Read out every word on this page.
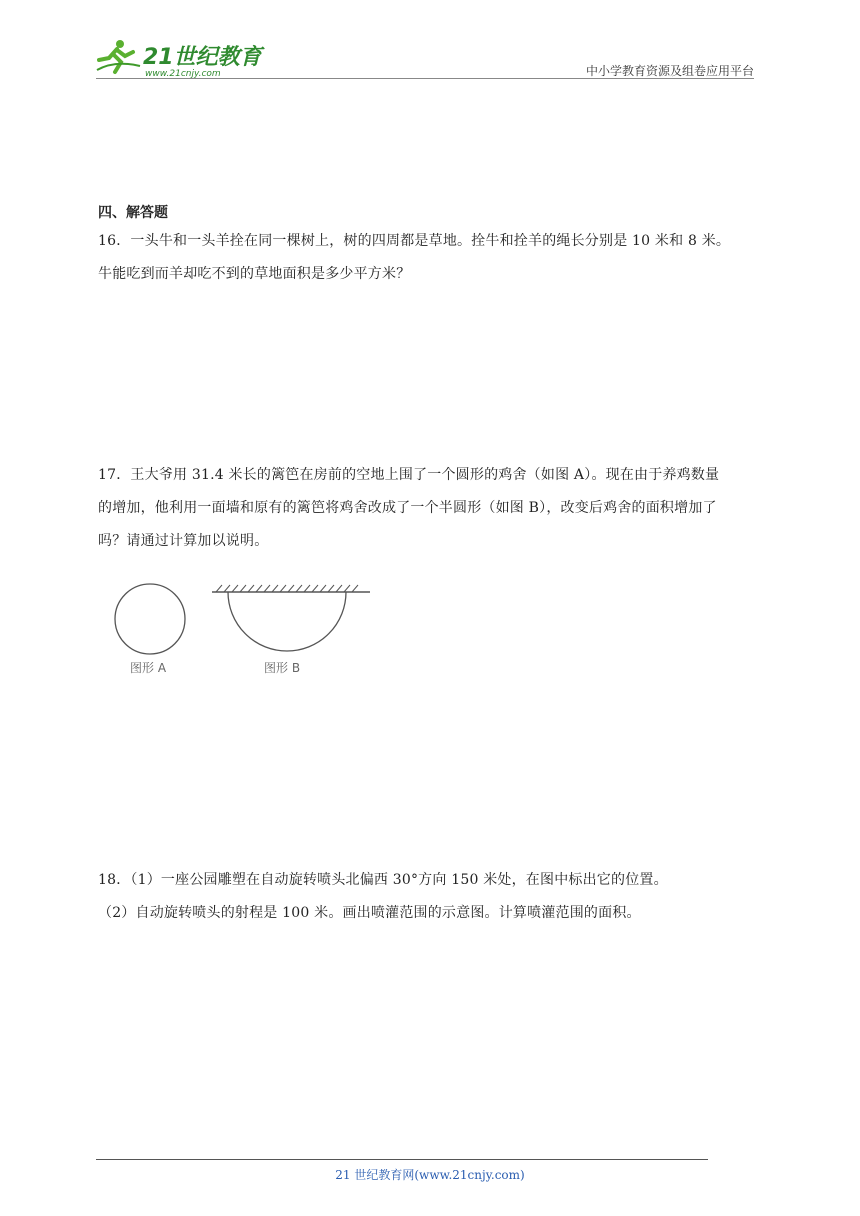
21世纪教育
www.21cnjy.com	中小学教育资源及组卷应用平台
四、解答题

16．一头牛和一头羊拴在同一棵树上，树的四周都是草地。拴牛和拴羊的绳长分别是 10 米和 8 米。

牛能吃到而羊却吃不到的草地面积是多少平方米？

17．王大爷用 31.4 米长的篱笆在房前的空地上围了一个圆形的鸡舍（如图 A）。现在由于养鸡数量

的增加，他利用一面墙和原有的篱笆将鸡舍改成了一个半圆形（如图 B），改变后鸡舍的面积增加了

吗？请通过计算加以说明。

图形 A	图形 B

18．（1）一座公园雕塑在自动旋转喷头北偏西 30°方向 150 米处，在图中标出它的位置。

（2）自动旋转喷头的射程是 100 米。画出喷灌范围的示意图。计算喷灌范围的面积。

21 世纪教育网(www.21cnjy.com)
